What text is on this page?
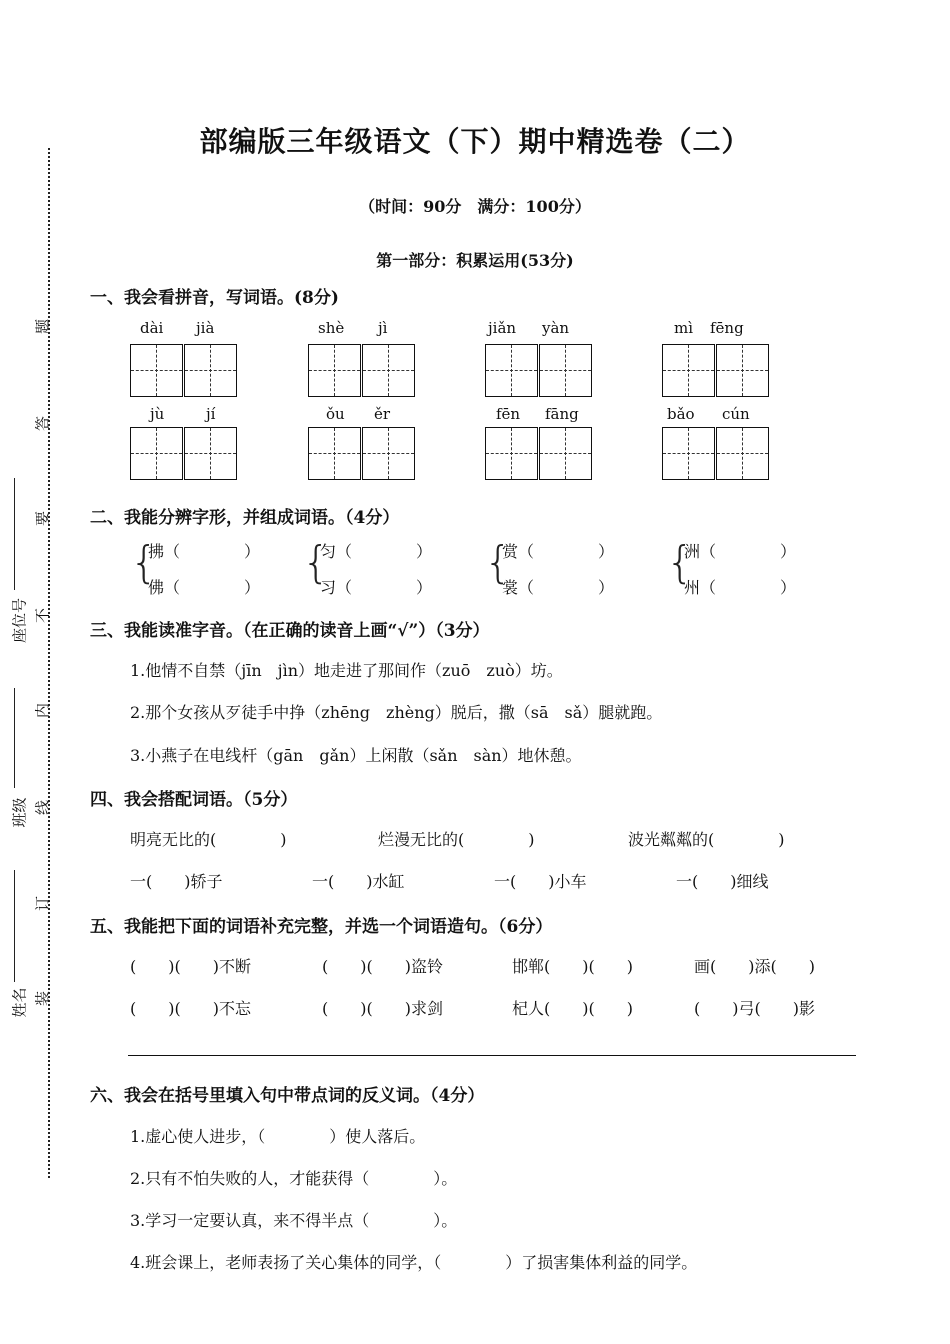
题
答
要
不
内
线
订
装
座位号
班级
姓名
部编版三年级语文（下）期中精选卷（二）
（时间：90分　满分：100分）
第一部分：积累运用(53分)
一、我会看拼音，写词语。(8分)
dài jià	shè jì	jiǎn yàn	mì fēng
jù	jí	ǒu ěr	fēn fāng	bǎo cún
二、我能分辨字形，并组成词语。（4分）
{
拂（　　　　）
佛（　　　　） {
匀（　　　　）
习（　　　　） {
赏（　　　　）
裳（　　　　） {
洲（　　　　）
州（　　　　）
三、我能读准字音。（在正确的读音上画“√”）（3分）
1.他情不自禁（jīn　jìn）地走进了那间作（zuō　zuò）坊。
2.那个女孩从歹徒手中挣（zhēng　zhèng）脱后，撒（sā　sǎ）腿就跑。
3.小燕子在电线杆（gān　gǎn）上闲散（sǎn　sàn）地休憩。
四、我会搭配词语。（5分）
明亮无比的(　　　　)	烂漫无比的(　　　　)	波光粼粼的(　　　　)
一(　　)轿子	一(　　)水缸	一(　　)小车	一(　　)细线
五、我能把下面的词语补充完整，并选一个词语造句。（6分）
(　　)(　　)不断	(　　)(　　)盗铃	邯郸(　　)(　　)	画(　　)添(　　)
(　　)(　　)不忘	(　　)(　　)求剑	杞人(　　)(　　)	(　　)弓(　　)影
六、我会在括号里填入句中带点词的反义词。（4分）
1.虚心使人进步，（　　　　）使人落后。
2.只有不怕失败的人，才能获得（　　　　）。
3.学习一定要认真，来不得半点（　　　　）。
4.班会课上，老师表扬了关心集体的同学，（　　　　）了损害集体利益的同学。
